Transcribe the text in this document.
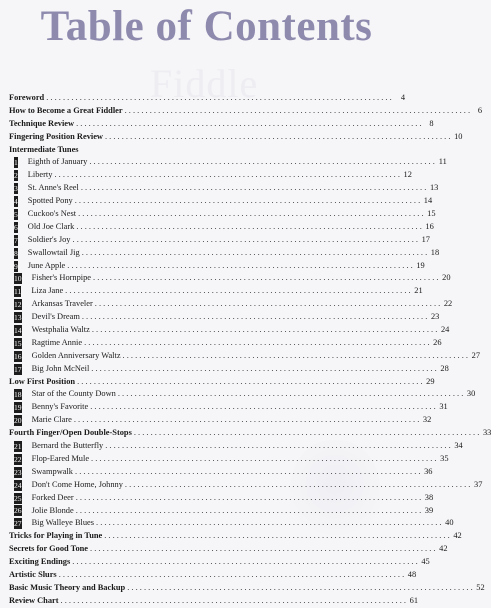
Fiddle
Table of Contents
Foreword . . .	4
How to Become a Great Fiddler . . .	6
Technique Review . . .	8
Fingering Position Review . . .	10
Intermediate Tunes
1 Eighth of January . . .	11
2 Liberty . . .	12
3 St. Anne's Reel . . .	13
4 Spotted Pony . . .	14
5 Cuckoo's Nest . . .	15
6 Old Joe Clark . . .	16
7 Soldier's Joy . . .	17
8 Swallowtail Jig . . .	18
9 June Apple . . .	19
10 Fisher's Hornpipe . . .	20
11 Liza Jane . . .	21
12 Arkansas Traveler . . .	22
13 Devil's Dream . . .	23
14 Westphalia Waltz . . .	24
15 Ragtime Annie . . .	26
16 Golden Anniversary Waltz . . .	27
17 Big John McNeil . . .	28
Low First Position . . .	29
18 Star of the County Down . . .	30
19 Benny's Favorite . . .	31
20 Marie Clare . . .	32
Fourth Finger/Open Double-Stops . . .	33
21 Bernard the Butterfly . . .	34
22 Flop-Eared Mule . . .	35
23 Swampwalk . . .	36
24 Don't Come Home, Johnny . . .	37
25 Forked Deer . . .	38
26 Jolie Blonde . . .	39
27 Big Walleye Blues . . .	40
Tricks for Playing in Tune . . .	42
Secrets for Good Tone . . .	42
Exciting Endings . . .	45
Artistic Slurs . . .	48
Basic Music Theory and Backup . . .	52
Review Chart . . .	61
